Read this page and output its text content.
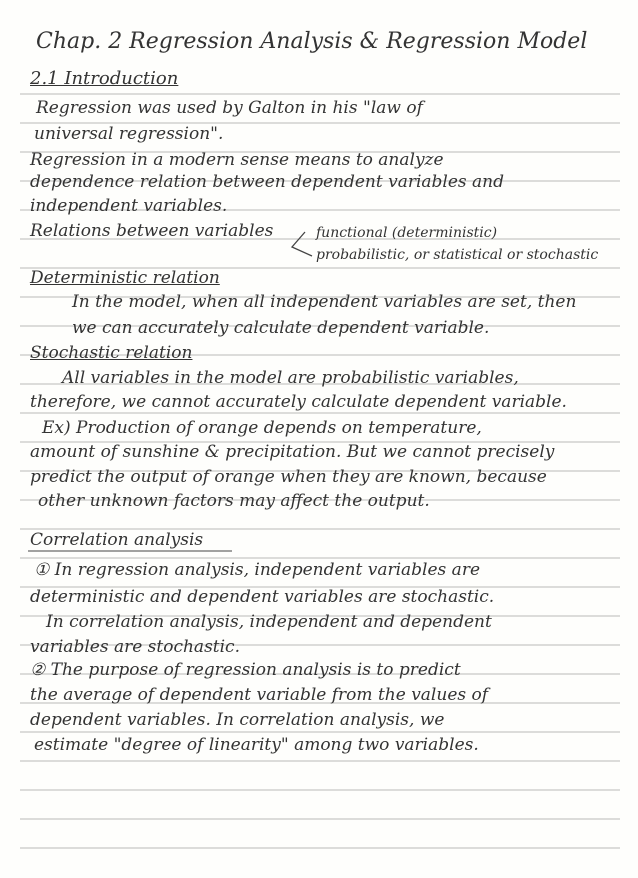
Chap. 2 Regression Analysis & Regression Model
2.1 Introduction
Regression was used by Galton in his "law of
universal regression".
Regression in a modern sense means to analyze
dependence relation between dependent variables and
independent variables.
Relations between variables	functional (deterministic)
probabilistic, or statistical or stochastic
Deterministic relation
In the model, when all independent variables are set, then
we can accurately calculate dependent variable.
Stochastic relation
All variables in the model are probabilistic variables,
therefore, we cannot accurately calculate dependent variable.
Ex) Production of orange depends on temperature,
amount of sunshine & precipitation. But we cannot precisely
predict the output of orange when they are known, because
other unknown factors may affect the output.
Correlation analysis
① In regression analysis, independent variables are
deterministic and dependent variables are stochastic.
In correlation analysis, independent and dependent
variables are stochastic.
② The purpose of regression analysis is to predict
the average of dependent variable from the values of
dependent variables. In correlation analysis, we
estimate "degree of linearity" among two variables.
